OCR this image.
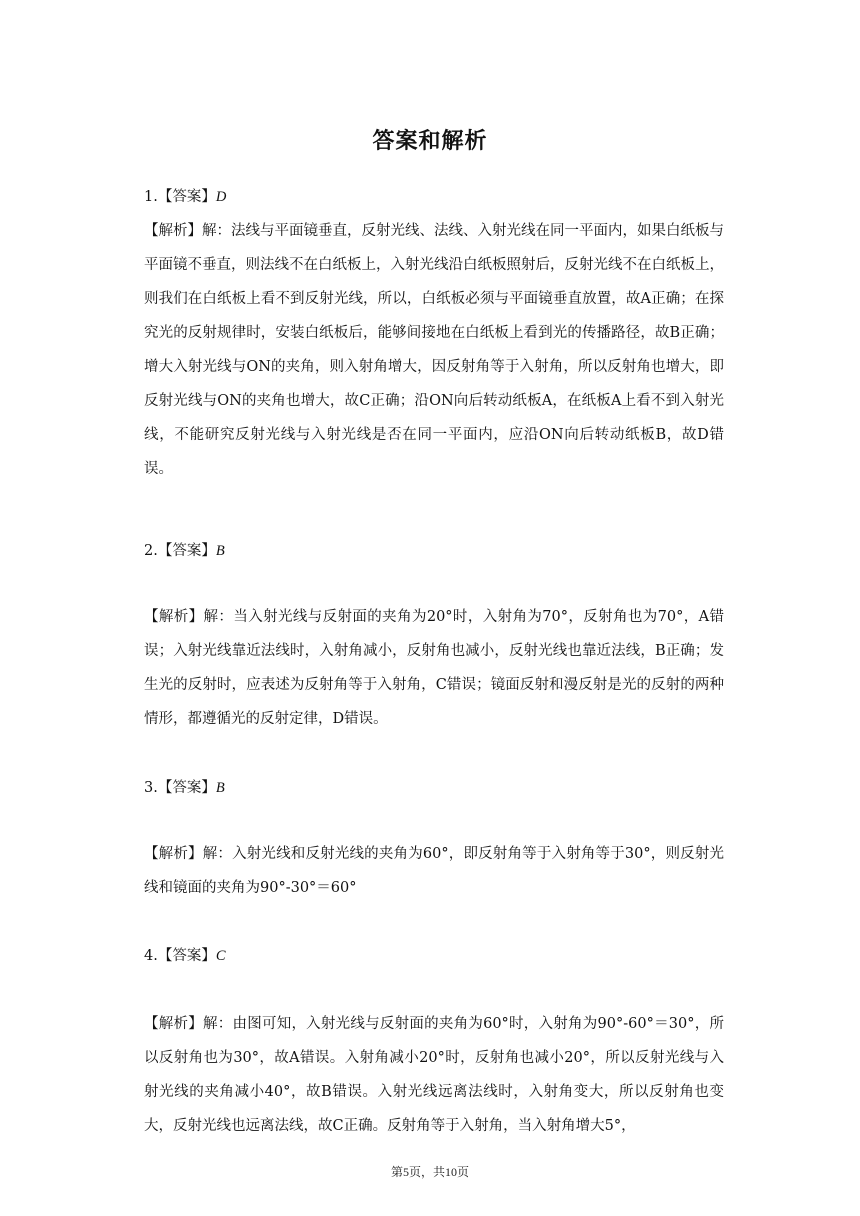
答案和解析
1.【答案】D
【解析】解：法线与平面镜垂直，反射光线、法线、入射光线在同一平面内，如果白纸板与平面镜不垂直，则法线不在白纸板上，入射光线沿白纸板照射后，反射光线不在白纸板上，则我们在白纸板上看不到反射光线，所以，白纸板必须与平面镜垂直放置，故A正确；在探究光的反射规律时，安装白纸板后，能够间接地在白纸板上看到光的传播路径，故B正确；增大入射光线与ON的夹角，则入射角增大，因反射角等于入射角，所以反射角也增大，即反射光线与ON的夹角也增大，故C正确；沿ON向后转动纸板A，在纸板A上看不到入射光线，不能研究反射光线与入射光线是否在同一平面内，应沿ON向后转动纸板B，故D错误。
2.【答案】B
【解析】解：当入射光线与反射面的夹角为20°时，入射角为70°，反射角也为70°，A错误；入射光线靠近法线时，入射角减小，反射角也减小，反射光线也靠近法线，B正确；发生光的反射时，应表述为反射角等于入射角，C错误；镜面反射和漫反射是光的反射的两种情形，都遵循光的反射定律，D错误。
3.【答案】B
【解析】解：入射光线和反射光线的夹角为60°，即反射角等于入射角等于30°，则反射光线和镜面的夹角为90°-30°＝60°
4.【答案】C
【解析】解：由图可知，入射光线与反射面的夹角为60°时，入射角为90°-60°＝30°，所以反射角也为30°，故A错误。入射角减小20°时，反射角也减小20°，所以反射光线与入射光线的夹角减小40°，故B错误。入射光线远离法线时，入射角变大，所以反射角也变大，反射光线也远离法线，故C正确。反射角等于入射角，当入射角增大5°，
第5页，共10页
